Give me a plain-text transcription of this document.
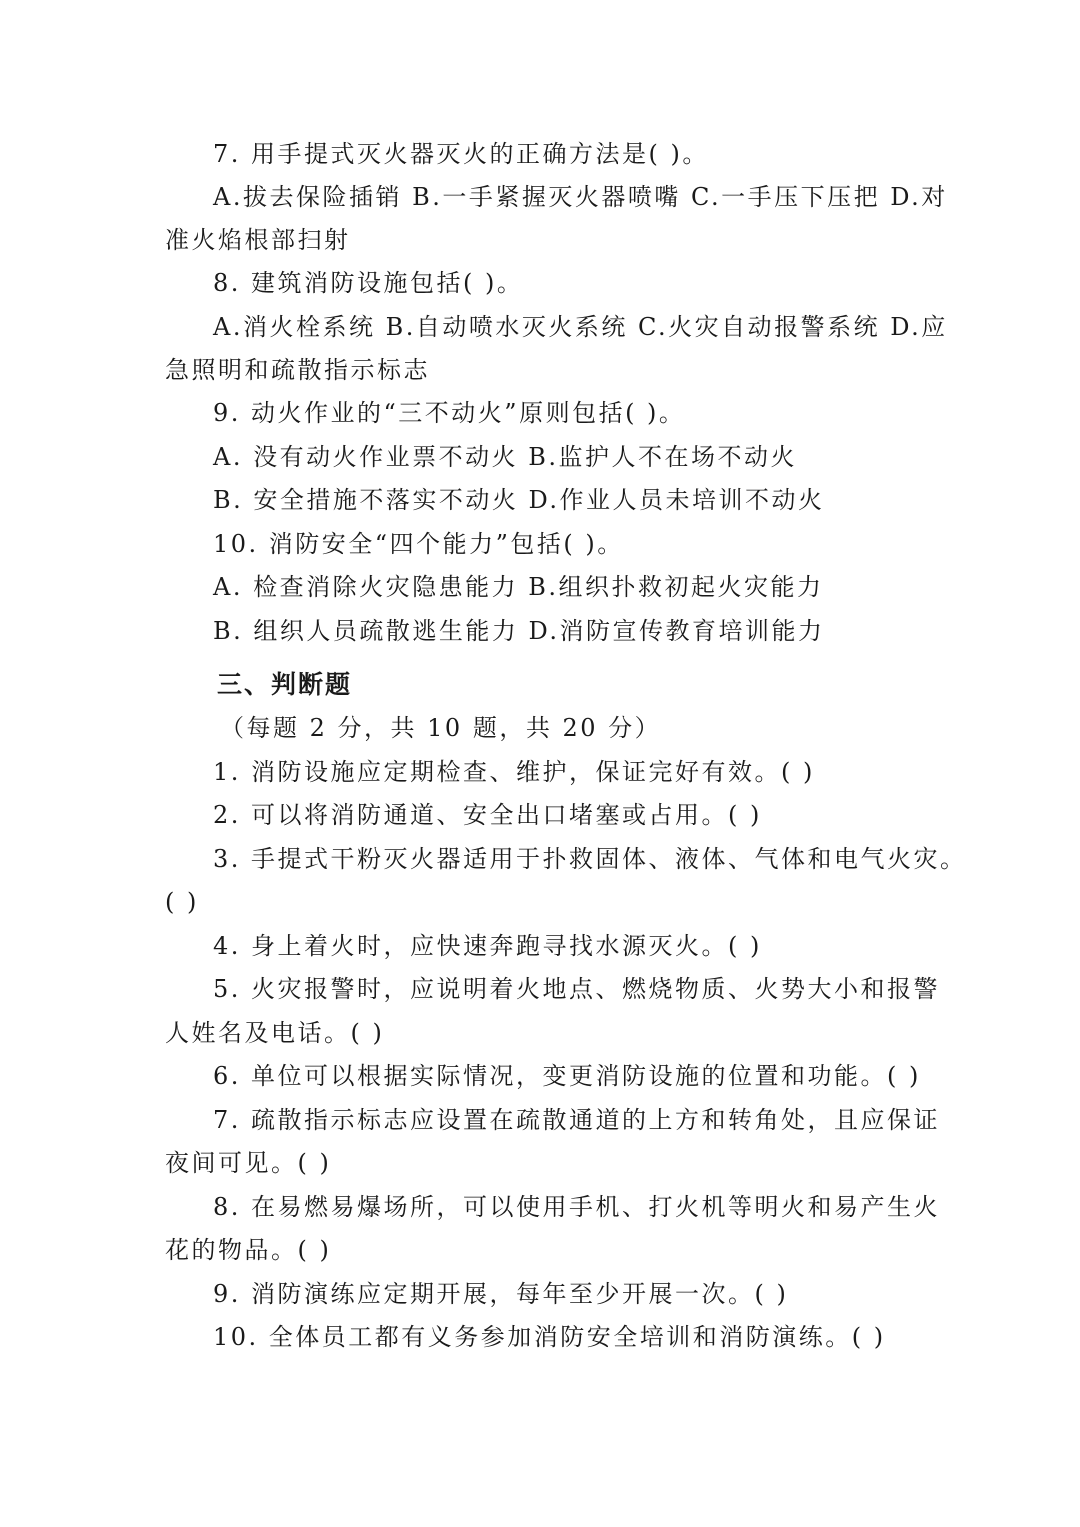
7. 用手提式灭火器灭火的正确方法是( )。
A.拔去保险插销 B.一手紧握灭火器喷嘴 C.一手压下压把 D.对
准火焰根部扫射
8. 建筑消防设施包括( )。
A.消火栓系统 B.自动喷水灭火系统 C.火灾自动报警系统 D.应
急照明和疏散指示标志
9. 动火作业的“三不动火”原则包括( )。
A. 没有动火作业票不动火 B.监护人不在场不动火
B. 安全措施不落实不动火 D.作业人员未培训不动火
10. 消防安全“四个能力”包括( )。
A. 检查消除火灾隐患能力 B.组织扑救初起火灾能力
B. 组织人员疏散逃生能力 D.消防宣传教育培训能力
三、判断题
（每题 2 分，共 10 题，共 20 分）
1. 消防设施应定期检查、维护，保证完好有效。( )
2. 可以将消防通道、安全出口堵塞或占用。( )
3. 手提式干粉灭火器适用于扑救固体、液体、气体和电气火灾。
( )
4. 身上着火时，应快速奔跑寻找水源灭火。( )
5. 火灾报警时，应说明着火地点、燃烧物质、火势大小和报警
人姓名及电话。( )
6. 单位可以根据实际情况，变更消防设施的位置和功能。( )
7. 疏散指示标志应设置在疏散通道的上方和转角处，且应保证
夜间可见。( )
8. 在易燃易爆场所，可以使用手机、打火机等明火和易产生火
花的物品。( )
9. 消防演练应定期开展，每年至少开展一次。( )
10. 全体员工都有义务参加消防安全培训和消防演练。( )
